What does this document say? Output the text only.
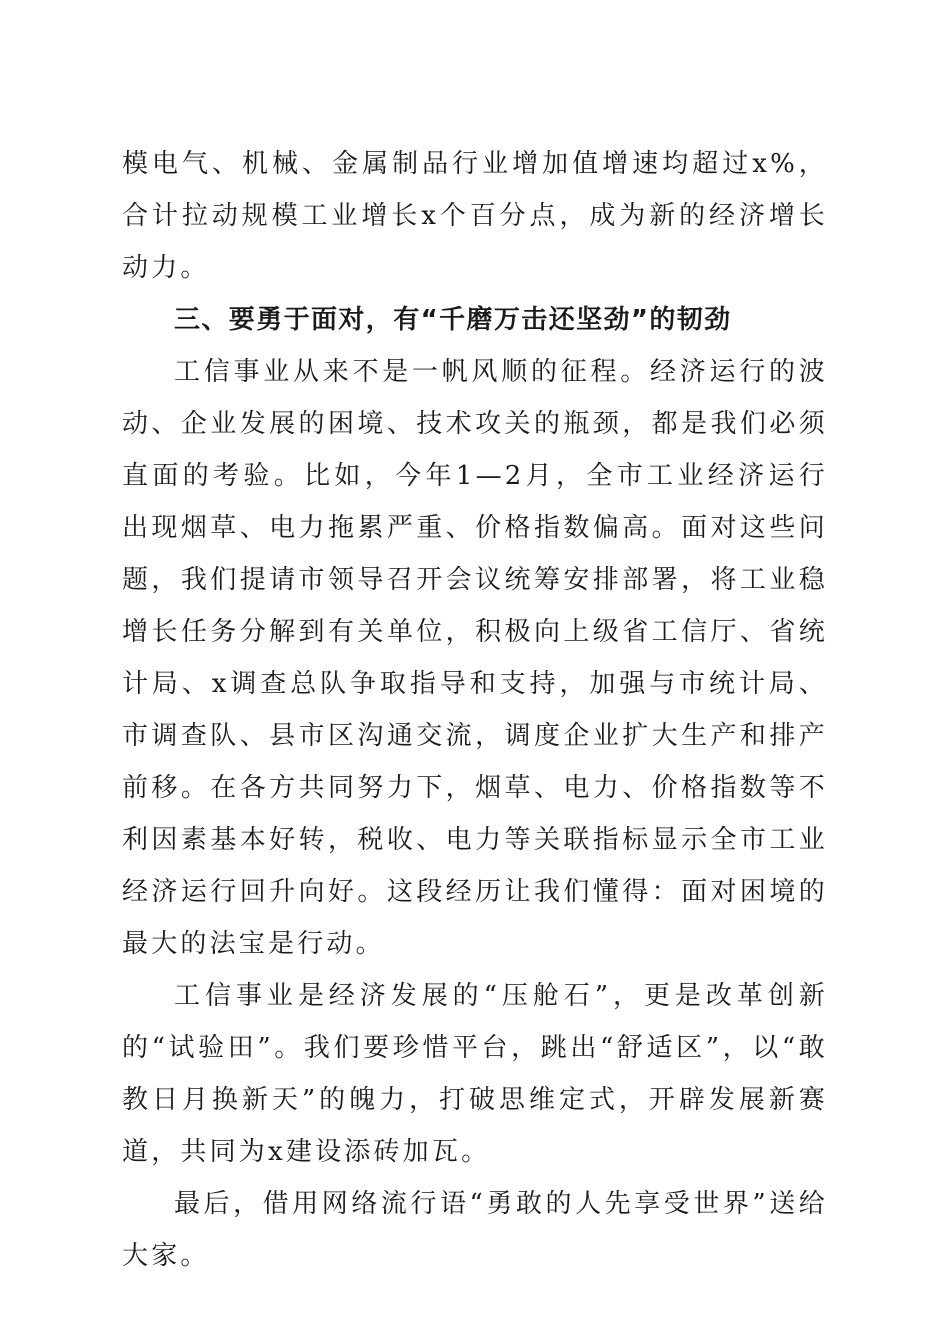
模电气、机械、金属制品行业增加值增速均超过x%，合计拉动规模工业增长x个百分点，成为新的经济增长动力。

三、要勇于面对，有“千磨万击还坚劲”的韧劲

工信事业从来不是一帆风顺的征程。经济运行的波动、企业发展的困境、技术攻关的瓶颈，都是我们必须直面的考验。比如，今年1—2月，全市工业经济运行出现烟草、电力拖累严重、价格指数偏高。面对这些问题，我们提请市领导召开会议统筹安排部署，将工业稳增长任务分解到有关单位，积极向上级省工信厅、省统计局、x调查总队争取指导和支持，加强与市统计局、市调查队、县市区沟通交流，调度企业扩大生产和排产前移。在各方共同努力下，烟草、电力、价格指数等不利因素基本好转，税收、电力等关联指标显示全市工业经济运行回升向好。这段经历让我们懂得：面对困境的最大的法宝是行动。

工信事业是经济发展的“压舱石”，更是改革创新的“试验田”。我们要珍惜平台，跳出“舒适区”，以“敢教日月换新天”的魄力，打破思维定式，开辟发展新赛道，共同为x建设添砖加瓦。

最后，借用网络流行语“勇敢的人先享受世界”送给大家。
